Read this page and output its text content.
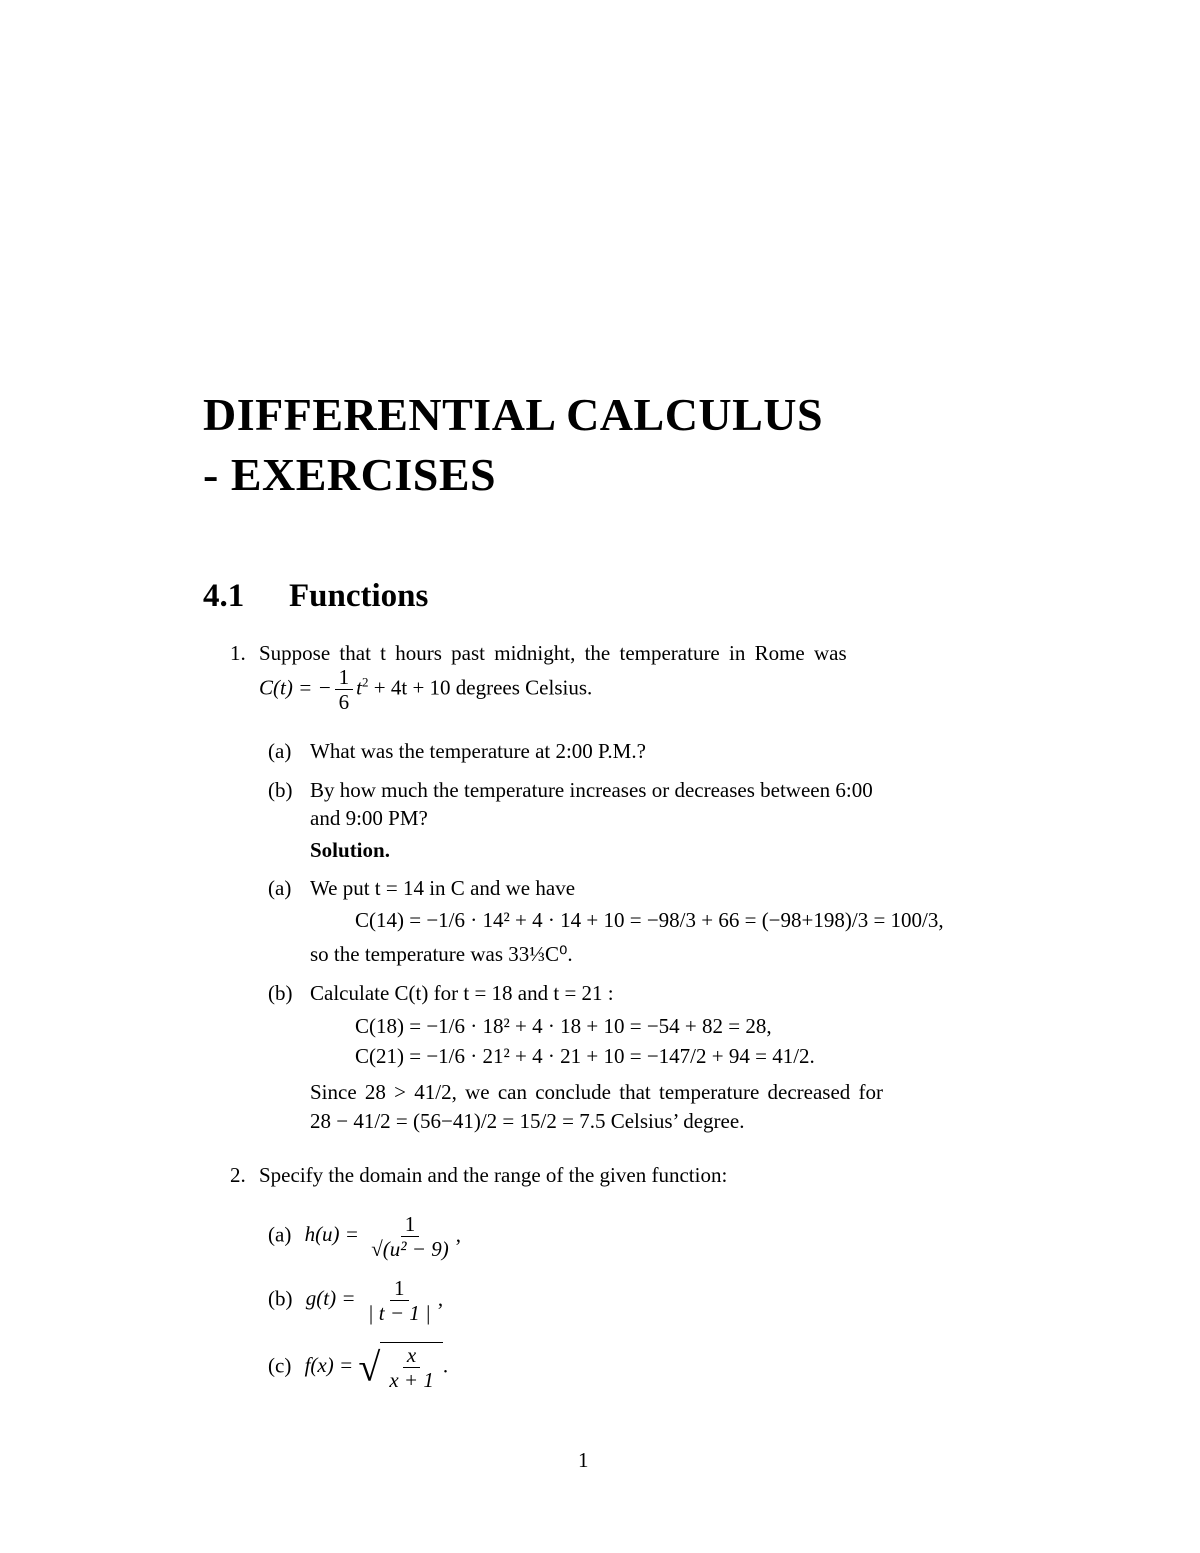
DIFFERENTIAL CALCULUS
- EXERCISES
4.1 Functions
1. Suppose that t hours past midnight, the temperature in Rome was
C(t) = − $\frac{1}{6} t^2 + 4t + 10$ degrees Celsius.
(a) What was the temperature at 2:00 P.M.?
(b) By how much the temperature increases or decreases between 6:00
and 9:00 PM?
Solution.
(a) We put t = 14 in C and we have
C(14) = −1/6 · 14² + 4 · 14 + 10 = −98/3 + 66 = (−98+198)/3 = 100/3,
so the temperature was 33⅓C⁰.
(b) Calculate C(t) for t = 18 and t = 21 :
C(18) = −1/6 · 18² + 4 · 18 + 10 = −54 + 82 = 28,
C(21) = −1/6 · 21² + 4 · 21 + 10 = −147/2 + 94 = 41/2.
Since 28 > 41/2, we can conclude that temperature decreased for
28 − 41/2 = (56−41)/2 = 15/2 = 7.5 Celsius’ degree.
2. Specify the domain and the range of the given function:
(a) $h(u) = \frac{1}{\text{√(u² − 9)}}$ ,
(b) $g(t) = \frac{1}{| t - 1 |}$ ,
(c) f(x) = √ $\frac{x}{x + 1}$ .
1
